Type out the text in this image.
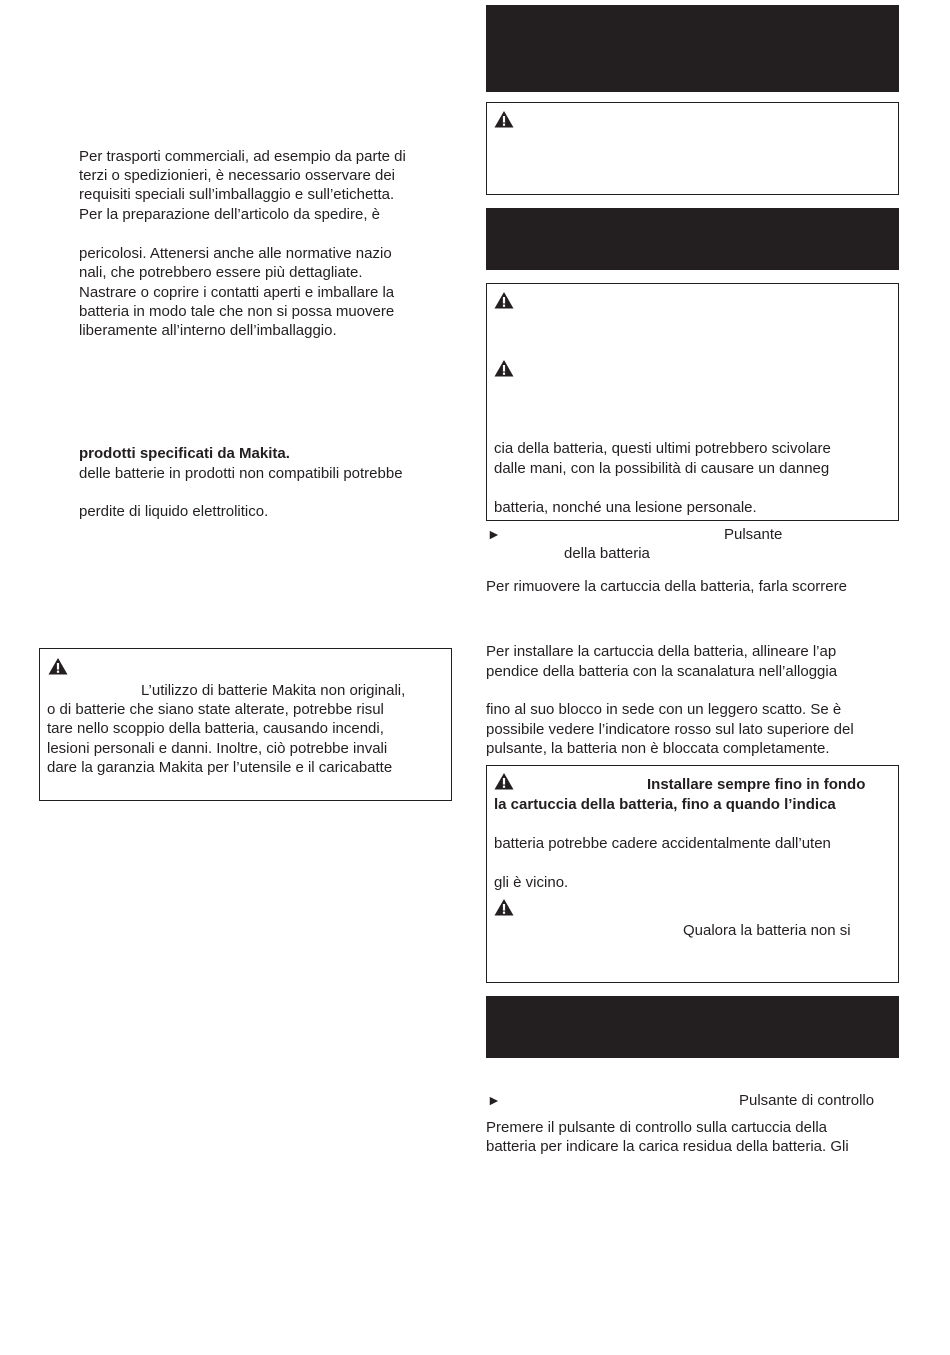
Per trasporti commerciali, ad esempio da parte di
terzi o spedizionieri, è necessario osservare dei
requisiti speciali sull’imballaggio e sull’etichetta.
Per la preparazione dell’articolo da spedire, è
pericolosi. Attenersi anche alle normative nazio
nali, che potrebbero essere più dettagliate.
Nastrare o coprire i contatti aperti e imballare la
batteria in modo tale che non si possa muovere
liberamente all’interno dell’imballaggio.
prodotti specificati da Makita.
delle batterie in prodotti non compatibili potrebbe
perdite di liquido elettrolitico.
L’utilizzo di batterie Makita non originali,
o di batterie che siano state alterate, potrebbe risul
tare nello scoppio della batteria, causando incendi,
lesioni personali e danni. Inoltre, ciò potrebbe invali
dare la garanzia Makita per l’utensile e il caricabatte
cia della batteria, questi ultimi potrebbero scivolare
dalle mani, con la possibilità di causare un danneg
batteria, nonché una lesione personale.
►	Pulsante
della batteria
Per rimuovere la cartuccia della batteria, farla scorrere
Per installare la cartuccia della batteria, allineare l’ap
pendice della batteria con la scanalatura nell’alloggia
fino al suo blocco in sede con un leggero scatto. Se è
possibile vedere l’indicatore rosso sul lato superiore del
pulsante, la batteria non è bloccata completamente.
Installare sempre fino in fondo
la cartuccia della batteria, fino a quando l’indica
batteria potrebbe cadere accidentalmente dall’uten
gli è vicino.
Qualora la batteria non si
►	Pulsante di controllo
Premere il pulsante di controllo sulla cartuccia della
batteria per indicare la carica residua della batteria. Gli
